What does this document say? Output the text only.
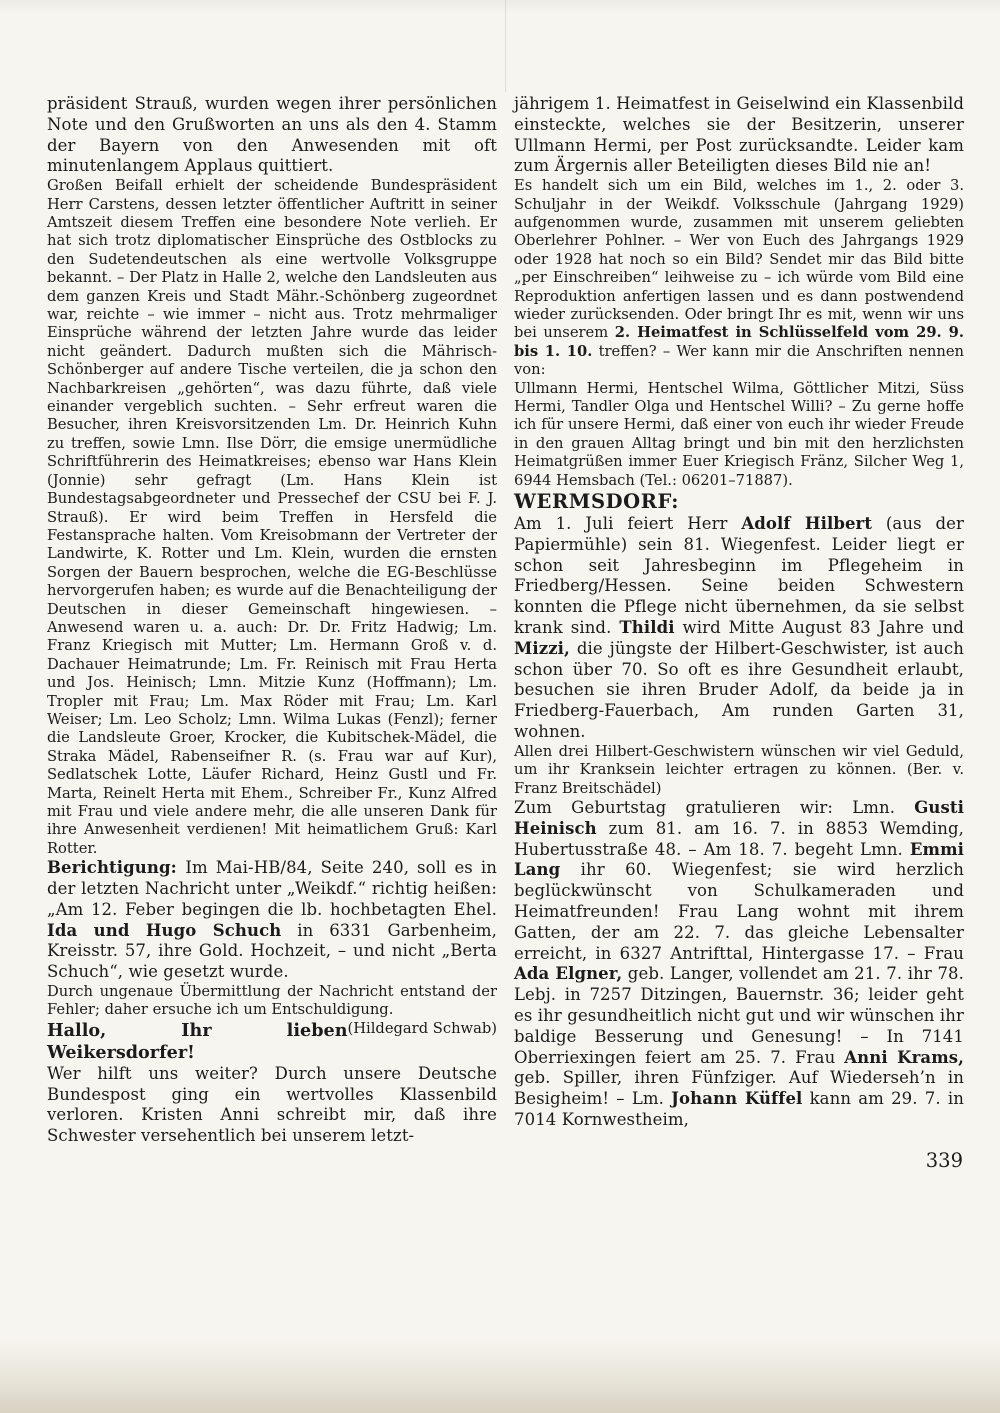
präsident Strauß, wurden wegen ihrer persönlichen Note und den Grußworten an uns als den 4. Stamm der Bayern von den Anwesenden mit oft minutenlangem Applaus quittiert.

Großen Beifall erhielt der scheidende Bundespräsident Herr Carstens, dessen letzter öffentlicher Auftritt in seiner Amtszeit diesem Treffen eine besondere Note verlieh. Er hat sich trotz diplomatischer Einsprüche des Ostblocks zu den Sudetendeutschen als eine wertvolle Volksgruppe bekannt. – Der Platz in Halle 2, welche den Landsleuten aus dem ganzen Kreis und Stadt Mähr.-Schönberg zugeordnet war, reichte – wie immer – nicht aus. Trotz mehrmaliger Einsprüche während der letzten Jahre wurde das leider nicht geändert. Dadurch mußten sich die Mährisch-Schönberger auf andere Tische verteilen, die ja schon den Nachbarkreisen „gehörten“, was dazu führte, daß viele einander vergeblich suchten. – Sehr erfreut waren die Besucher, ihren Kreisvorsitzenden Lm. Dr. Heinrich Kuhn zu treffen, sowie Lmn. Ilse Dörr, die emsige unermüdliche Schriftführerin des Heimatkreises; ebenso war Hans Klein (Jonnie) sehr gefragt (Lm. Hans Klein ist Bundestagsabgeordneter und Pressechef der CSU bei F. J. Strauß). Er wird beim Treffen in Hersfeld die Festansprache halten. Vom Kreisobmann der Vertreter der Landwirte, K. Rotter und Lm. Klein, wurden die ernsten Sorgen der Bauern besprochen, welche die EG-Beschlüsse hervorgerufen haben; es wurde auf die Benachteiligung der Deutschen in dieser Gemeinschaft hingewiesen. – Anwesend waren u. a. auch: Dr. Dr. Fritz Hadwig; Lm. Franz Kriegisch mit Mutter; Lm. Hermann Groß v. d. Dachauer Heimatrunde; Lm. Fr. Reinisch mit Frau Herta und Jos. Heinisch; Lmn. Mitzie Kunz (Hoffmann); Lm. Tropler mit Frau; Lm. Max Röder mit Frau; Lm. Karl Weiser; Lm. Leo Scholz; Lmn. Wilma Lukas (Fenzl); ferner die Landsleute Groer, Krocker, die Kubitschek-Mädel, die Straka Mädel, Rabenseifner R. (s. Frau war auf Kur), Sedlatschek Lotte, Läufer Richard, Heinz Gustl und Fr. Marta, Reinelt Herta mit Ehem., Schreiber Fr., Kunz Alfred mit Frau und viele andere mehr, die alle unseren Dank für ihre Anwesenheit verdienen! Mit heimatlichem Gruß: Karl Rotter.

Berichtigung: Im Mai-HB/84, Seite 240, soll es in der letzten Nachricht unter „Weikdf.“ richtig heißen: „Am 12. Feber begingen die lb. hochbetagten Ehel. Ida und Hugo Schuch in 6331 Garbenheim, Kreisstr. 57, ihre Gold. Hochzeit, – und nicht „Berta Schuch“, wie gesetzt wurde.

Durch ungenaue Übermittlung der Nachricht entstand der Fehler; daher ersuche ich um Entschuldigung.
(Hildegard Schwab)

Hallo, Ihr lieben Weikersdorfer!

Wer hilft uns weiter? Durch unsere Deutsche Bundespost ging ein wertvolles Klassenbild verloren. Kristen Anni schreibt mir, daß ihre Schwester versehentlich bei unserem letzt-

jährigem 1. Heimatfest in Geiselwind ein Klassenbild einsteckte, welches sie der Besitzerin, unserer Ullmann Hermi, per Post zurücksandte. Leider kam zum Ärgernis aller Beteiligten dieses Bild nie an!

Es handelt sich um ein Bild, welches im 1., 2. oder 3. Schuljahr in der Weikdf. Volksschule (Jahrgang 1929) aufgenommen wurde, zusammen mit unserem geliebten Oberlehrer Pohlner. – Wer von Euch des Jahrgangs 1929 oder 1928 hat noch so ein Bild? Sendet mir das Bild bitte „per Einschreiben“ leihweise zu – ich würde vom Bild eine Reproduktion anfertigen lassen und es dann postwendend wieder zurücksenden. Oder bringt Ihr es mit, wenn wir uns bei unserem 2. Heimatfest in Schlüsselfeld vom 29. 9. bis 1. 10. treffen? – Wer kann mir die Anschriften nennen von:

Ullmann Hermi, Hentschel Wilma, Göttlicher Mitzi, Süss Hermi, Tandler Olga und Hentschel Willi? – Zu gerne hoffe ich für unsere Hermi, daß einer von euch ihr wieder Freude in den grauen Alltag bringt und bin mit den herzlichsten Heimatgrüßen immer Euer Kriegisch Fränz, Silcher Weg 1, 6944 Hemsbach (Tel.: 06201–71887).

WERMSDORF:

Am 1. Juli feiert Herr Adolf Hilbert (aus der Papiermühle) sein 81. Wiegenfest. Leider liegt er schon seit Jahresbeginn im Pflegeheim in Friedberg/Hessen. Seine beiden Schwestern konnten die Pflege nicht übernehmen, da sie selbst krank sind. Thildi wird Mitte August 83 Jahre und Mizzi, die jüngste der Hilbert-Geschwister, ist auch schon über 70. So oft es ihre Gesundheit erlaubt, besuchen sie ihren Bruder Adolf, da beide ja in Friedberg-Fauerbach, Am runden Garten 31, wohnen.

Allen drei Hilbert-Geschwistern wünschen wir viel Geduld, um ihr Kranksein leichter ertragen zu können. (Ber. v. Franz Breitschädel)

Zum Geburtstag gratulieren wir: Lmn. Gusti Heinisch zum 81. am 16. 7. in 8853 Wemding, Hubertusstraße 48. – Am 18. 7. begeht Lmn. Emmi Lang ihr 60. Wiegenfest; sie wird herzlich beglückwünscht von Schulkameraden und Heimatfreunden! Frau Lang wohnt mit ihrem Gatten, der am 22. 7. das gleiche Lebensalter erreicht, in 6327 Antrifttal, Hintergasse 17. – Frau Ada Elgner, geb. Langer, vollendet am 21. 7. ihr 78. Lebj. in 7257 Ditzingen, Bauernstr. 36; leider geht es ihr gesundheitlich nicht gut und wir wünschen ihr baldige Besserung und Genesung! – In 7141 Oberriexingen feiert am 25. 7. Frau Anni Krams, geb. Spiller, ihren Fünfziger. Auf Wiederseh’n in Besigheim! – Lm. Johann Küffel kann am 29. 7. in 7014 Kornwestheim,

339
